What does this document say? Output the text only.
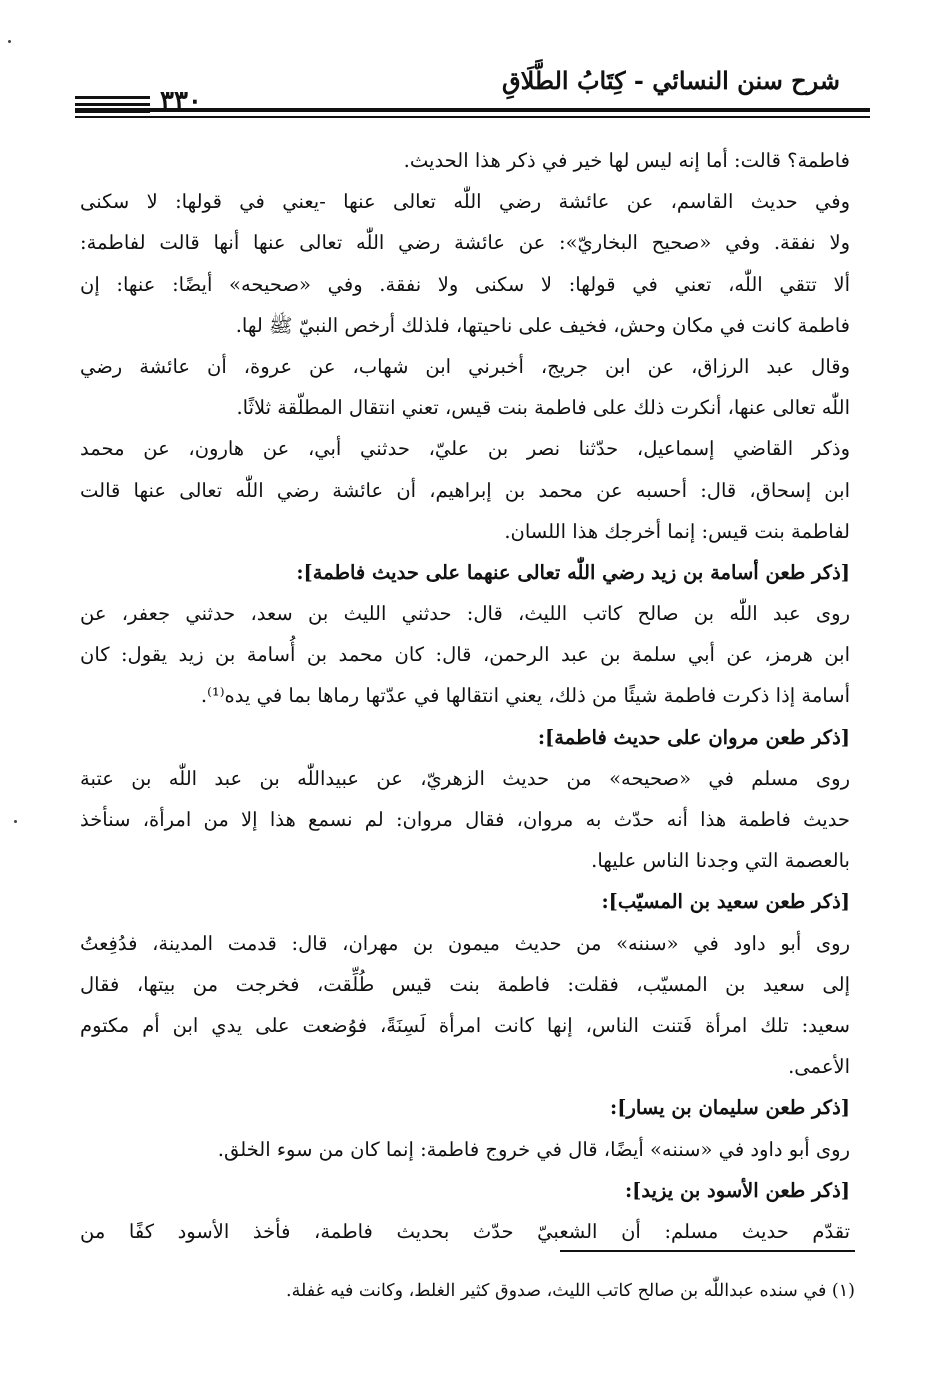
شرح سنن النسائي - كِتَابُ الطَّلَاقِ
٣٣٠
فاطمة؟ قالت: أما إنه ليس لها خير في ذكر هذا الحديث.
وفي حديث القاسم، عن عائشة رضي اللّٰه تعالى عنها -يعني في قولها: لا سكنى
ولا نفقة. وفي «صحيح البخاريّ»: عن عائشة رضي اللّٰه تعالى عنها أنها قالت لفاطمة:
ألا تتقي اللّٰه، تعني في قولها: لا سكنى ولا نفقة. وفي «صحيحه» أيضًا: عنها: إن
فاطمة كانت في مكان وحش، فخيف على ناحيتها، فلذلك أرخص النبيّ ﷺ لها.
وقال عبد الرزاق، عن ابن جريج، أخبرني ابن شهاب، عن عروة، أن عائشة رضي
اللّٰه تعالى عنها، أنكرت ذلك على فاطمة بنت قيس، تعني انتقال المطلّقة ثلاثًا.
وذكر القاضي إسماعيل، حدّثنا نصر بن عليّ، حدثني أبي، عن هارون، عن محمد
ابن إسحاق، قال: أحسبه عن محمد بن إبراهيم، أن عائشة رضي اللّٰه تعالى عنها قالت
لفاطمة بنت قيس: إنما أخرجك هذا اللسان.
[ذكر طعن أسامة بن زيد رضي اللّٰه تعالى عنهما على حديث فاطمة]:
روى عبد اللّٰه بن صالح كاتب الليث، قال: حدثني الليث بن سعد، حدثني جعفر، عن
ابن هرمز، عن أبي سلمة بن عبد الرحمن، قال: كان محمد بن أُسامة بن زيد يقول: كان
أسامة إذا ذكرت فاطمة شيئًا من ذلك، يعني انتقالها في عدّتها رماها بما في يده⁽¹⁾.
[ذكر طعن مروان على حديث فاطمة]:
روى مسلم في «صحيحه» من حديث الزهريّ، عن عبيداللّٰه بن عبد اللّٰه بن عتبة
حديث فاطمة هذا أنه حدّث به مروان، فقال مروان: لم نسمع هذا إلا من امرأة، سنأخذ
بالعصمة التي وجدنا الناس عليها.
[ذكر طعن سعيد بن المسيّب]:
روى أبو داود في «سننه» من حديث ميمون بن مهران، قال: قدمت المدينة، فدُفِعتُ
إلى سعيد بن المسيّب، فقلت: فاطمة بنت قيس طُلِّقت، فخرجت من بيتها، فقال
سعيد: تلك امرأة فَتنت الناس، إنها كانت امرأة لَسِنَةً، فوُضعت على يدي ابن أم مكتوم
الأعمى.
[ذكر طعن سليمان بن يسار]:
روى أبو داود في «سننه» أيضًا، قال في خروج فاطمة: إنما كان من سوء الخلق.
[ذكر طعن الأسود بن يزيد]:
تقدّم حديث مسلم: أن الشعبيّ حدّث بحديث فاطمة، فأخذ الأسود كفًا من
(١) في سنده عبداللّٰه بن صالح كاتب الليث، صدوق كثير الغلط، وكانت فيه غفلة.
